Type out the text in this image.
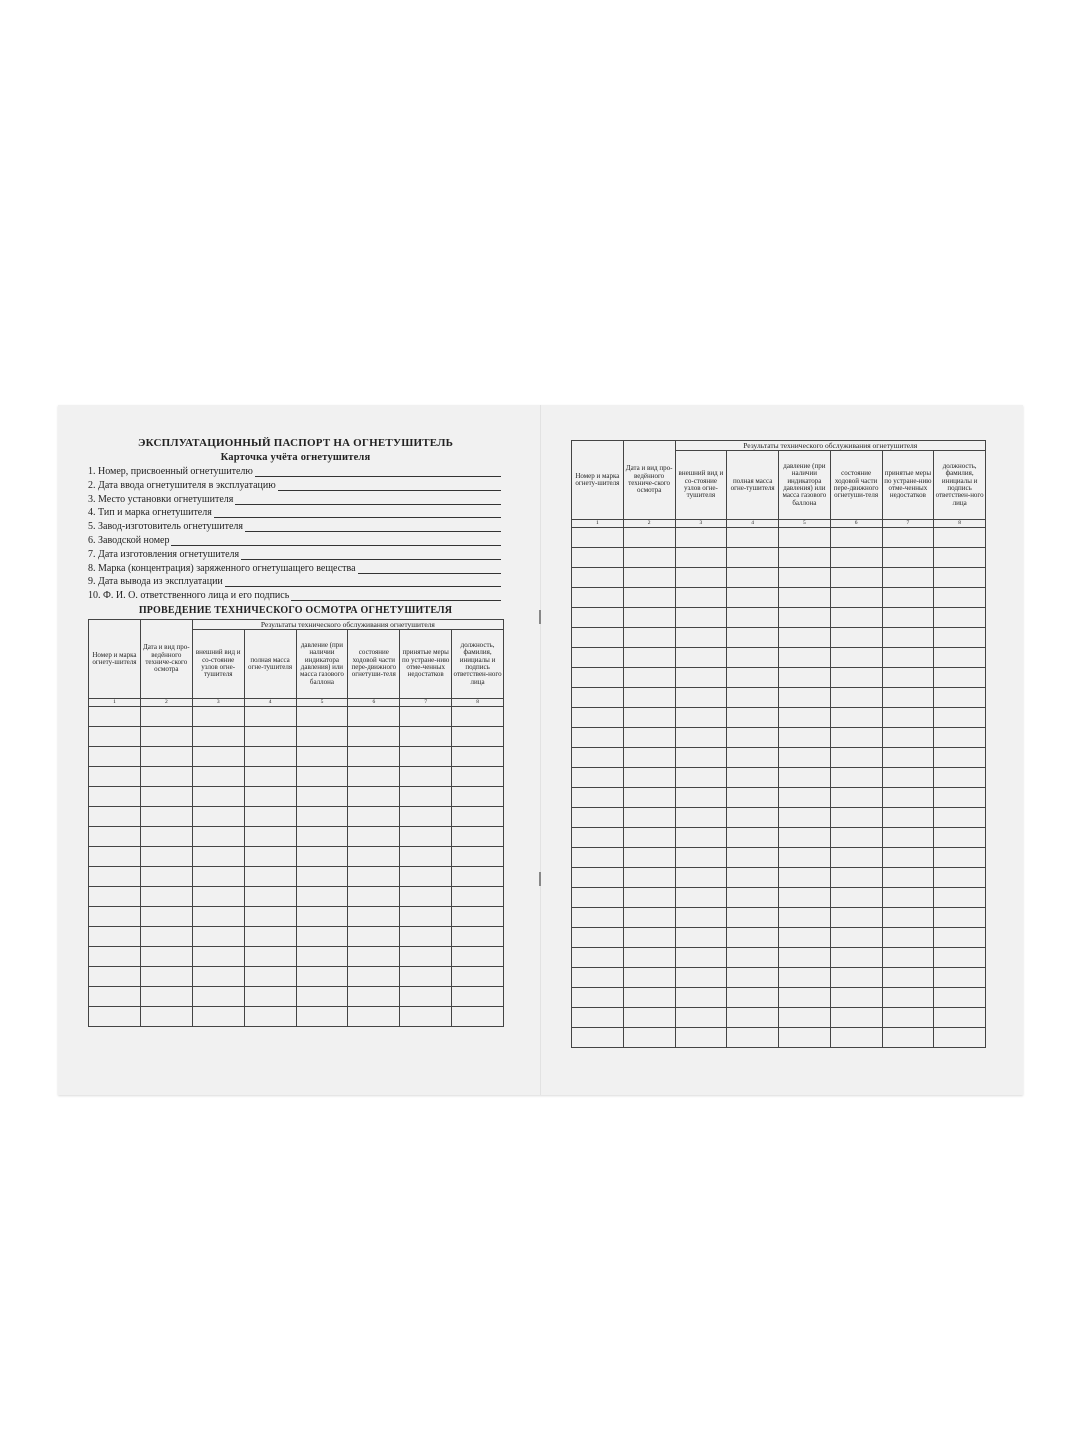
ЭКСПЛУАТАЦИОННЫЙ ПАСПОРТ НА ОГНЕТУШИТЕЛЬ
Карточка учёта огнетушителя
1. Номер, присвоенный огнетушителю
2. Дата ввода огнетушителя в эксплуатацию
3. Место установки огнетушителя
4. Тип и марка огнетушителя
5. Завод-изготовитель огнетушителя
6. Заводской номер
7. Дата изготовления огнетушителя
8. Марка (концентрация) заряженного огнетушащего вещества
9. Дата вывода из эксплуатации
10. Ф. И. О. ответственного лица и его подпись
ПРОВЕДЕНИЕ ТЕХНИЧЕСКОГО ОСМОТРА ОГНЕТУШИТЕЛЯ
Номер и марка огнету-шителя	Дата и вид про-ведённого техниче-ского осмотра	Результаты технического обслуживания огнетушителя					
		внешний вид и со-стояние узлов огне-тушителя	полная масса огне-тушителя	давление (при наличии индикатора давления) или масса газового баллона	состояние ходовой части пере-движного огнетуши-теля	принятые меры по устране-нию отме-ченных недостатков	должность, фамилия, инициалы и подпись ответствен-ного лица
1	2	3	4	5	6	7	8

Номер и марка огнету-шителя	Дата и вид про-ведённого техниче-ского осмотра	Результаты технического обслуживания огнетушителя					
		внешний вид и со-стояние узлов огне-тушителя	полная масса огне-тушителя	давление (при наличии индикатора давления) или масса газового баллона	состояние ходовой части пере-движного огнетуши-теля	принятые меры по устране-нию отме-ченных недостатков	должность, фамилия, инициалы и подпись ответствен-ного лица
1	2	3	4	5	6	7	8
